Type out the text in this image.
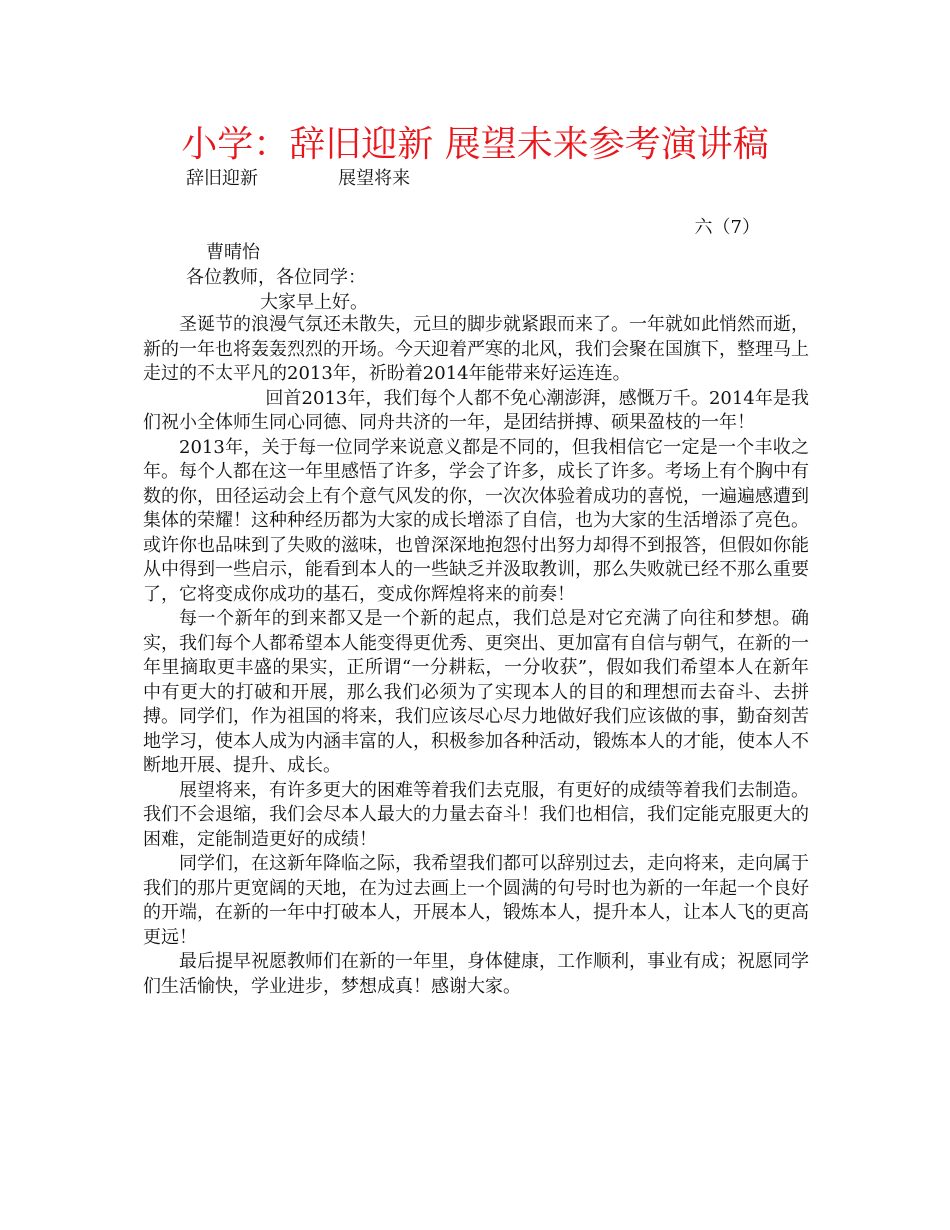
小学：辞旧迎新 展望未来参考演讲稿
辞旧迎新              展望将来
六（7）
曹晴怡
各位教师，各位同学：
大家早上好。

圣诞节的浪漫气氛还未散失，元旦的脚步就紧跟而来了。一年就如此悄然而逝，新的一年也将轰轰烈烈的开场。今天迎着严寒的北风，我们会聚在国旗下，整理马上走过的不太平凡的2013年，祈盼着2014年能带来好运连连。

回首2013年，我们每个人都不免心潮澎湃，感慨万千。2014年是我们祝小全体师生同心同德、同舟共济的一年，是团结拼搏、硕果盈枝的一年！

2013年，关于每一位同学来说意义都是不同的，但我相信它一定是一个丰收之年。每个人都在这一年里感悟了许多，学会了许多，成长了许多。考场上有个胸中有数的你，田径运动会上有个意气风发的你，一次次体验着成功的喜悦，一遍遍感遭到集体的荣耀！这种种经历都为大家的成长增添了自信，也为大家的生活增添了亮色。或许你也品味到了失败的滋味，也曾深深地抱怨付出努力却得不到报答，但假如你能从中得到一些启示，能看到本人的一些缺乏并汲取教训，那么失败就已经不那么重要了，它将变成你成功的基石，变成你辉煌将来的前奏！

每一个新年的到来都又是一个新的起点，我们总是对它充满了向往和梦想。确实，我们每个人都希望本人能变得更优秀、更突出、更加富有自信与朝气，在新的一年里摘取更丰盛的果实，正所谓“一分耕耘，一分收获”，假如我们希望本人在新年中有更大的打破和开展，那么我们必须为了实现本人的目的和理想而去奋斗、去拼搏。同学们，作为祖国的将来，我们应该尽心尽力地做好我们应该做的事，勤奋刻苦地学习，使本人成为内涵丰富的人，积极参加各种活动，锻炼本人的才能，使本人不断地开展、提升、成长。

展望将来，有许多更大的困难等着我们去克服，有更好的成绩等着我们去制造。我们不会退缩，我们会尽本人最大的力量去奋斗！我们也相信，我们定能克服更大的困难，定能制造更好的成绩！

同学们，在这新年降临之际，我希望我们都可以辞别过去，走向将来，走向属于我们的那片更宽阔的天地，在为过去画上一个圆满的句号时也为新的一年起一个良好的开端，在新的一年中打破本人，开展本人，锻炼本人，提升本人，让本人飞的更高更远！

最后提早祝愿教师们在新的一年里，身体健康，工作顺利，事业有成；祝愿同学们生活愉快，学业进步，梦想成真！感谢大家。
